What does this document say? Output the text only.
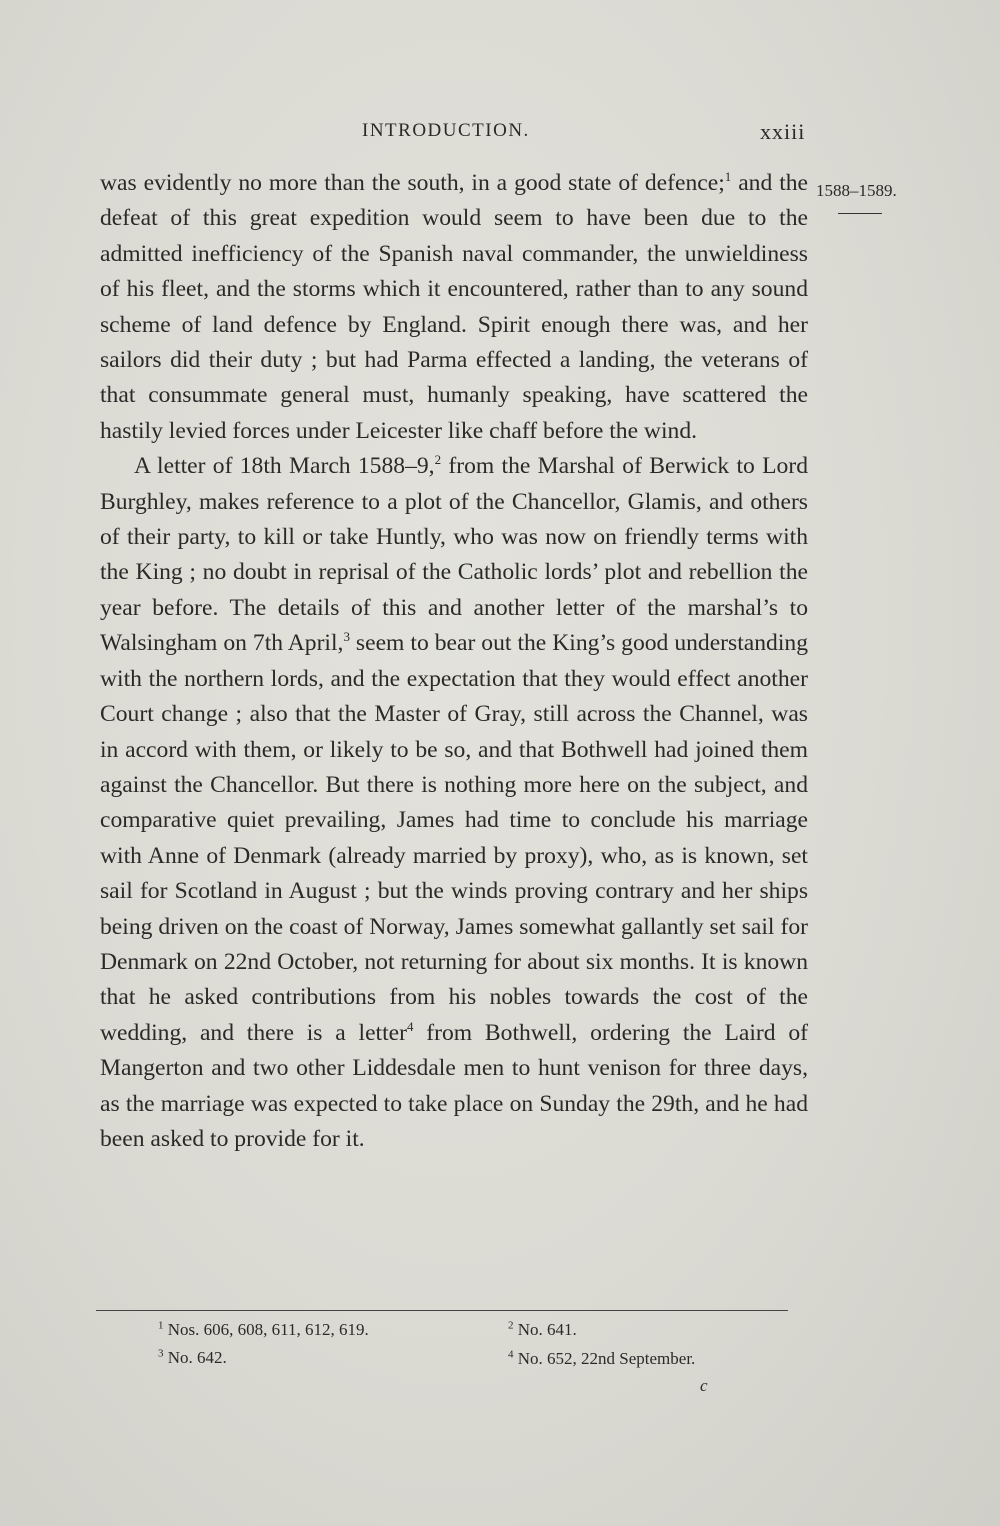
INTRODUCTION.	xxiii
1588–1589.

was evidently no more than the south, in a good state of defence;$^1$ and the defeat of this great expedition would seem to have been due to the admitted inefficiency of the Spanish naval commander, the unwieldiness of his fleet, and the storms which it encountered, rather than to any sound scheme of land defence by England. Spirit enough there was, and her sailors did their duty ; but had Parma effected a landing, the veterans of that consummate general must, humanly speaking, have scattered the hastily levied forces under Leicester like chaff before the wind.

A letter of 18th March 1588–9,$^2$ from the Marshal of Berwick to Lord Burghley, makes reference to a plot of the Chancellor, Glamis, and others of their party, to kill or take Huntly, who was now on friendly terms with the King ; no doubt in reprisal of the Catholic lords’ plot and rebellion the year before. The details of this and another letter of the marshal’s to Walsingham on 7th April,$^3$ seem to bear out the King’s good understanding with the northern lords, and the expectation that they would effect another Court change ; also that the Master of Gray, still across the Channel, was in accord with them, or likely to be so, and that Bothwell had joined them against the Chancellor. But there is nothing more here on the subject, and comparative quiet prevailing, James had time to conclude his marriage with Anne of Denmark (already married by proxy), who, as is known, set sail for Scotland in August ; but the winds proving contrary and her ships being driven on the coast of Norway, James somewhat gallantly set sail for Denmark on 22nd October, not returning for about six months. It is known that he asked contributions from his nobles towards the cost of the wedding, and there is a letter$^4$ from Bothwell, ordering the Laird of Mangerton and two other Liddesdale men to hunt venison for three days, as the marriage was expected to take place on Sunday the 29th, and he had been asked to provide for it.

$^1$ Nos. 606, 608, 611, 612, 619.	$^2$ No. 641.
$^3$ No. 642.	$^4$ No. 652, 22nd September.
c
